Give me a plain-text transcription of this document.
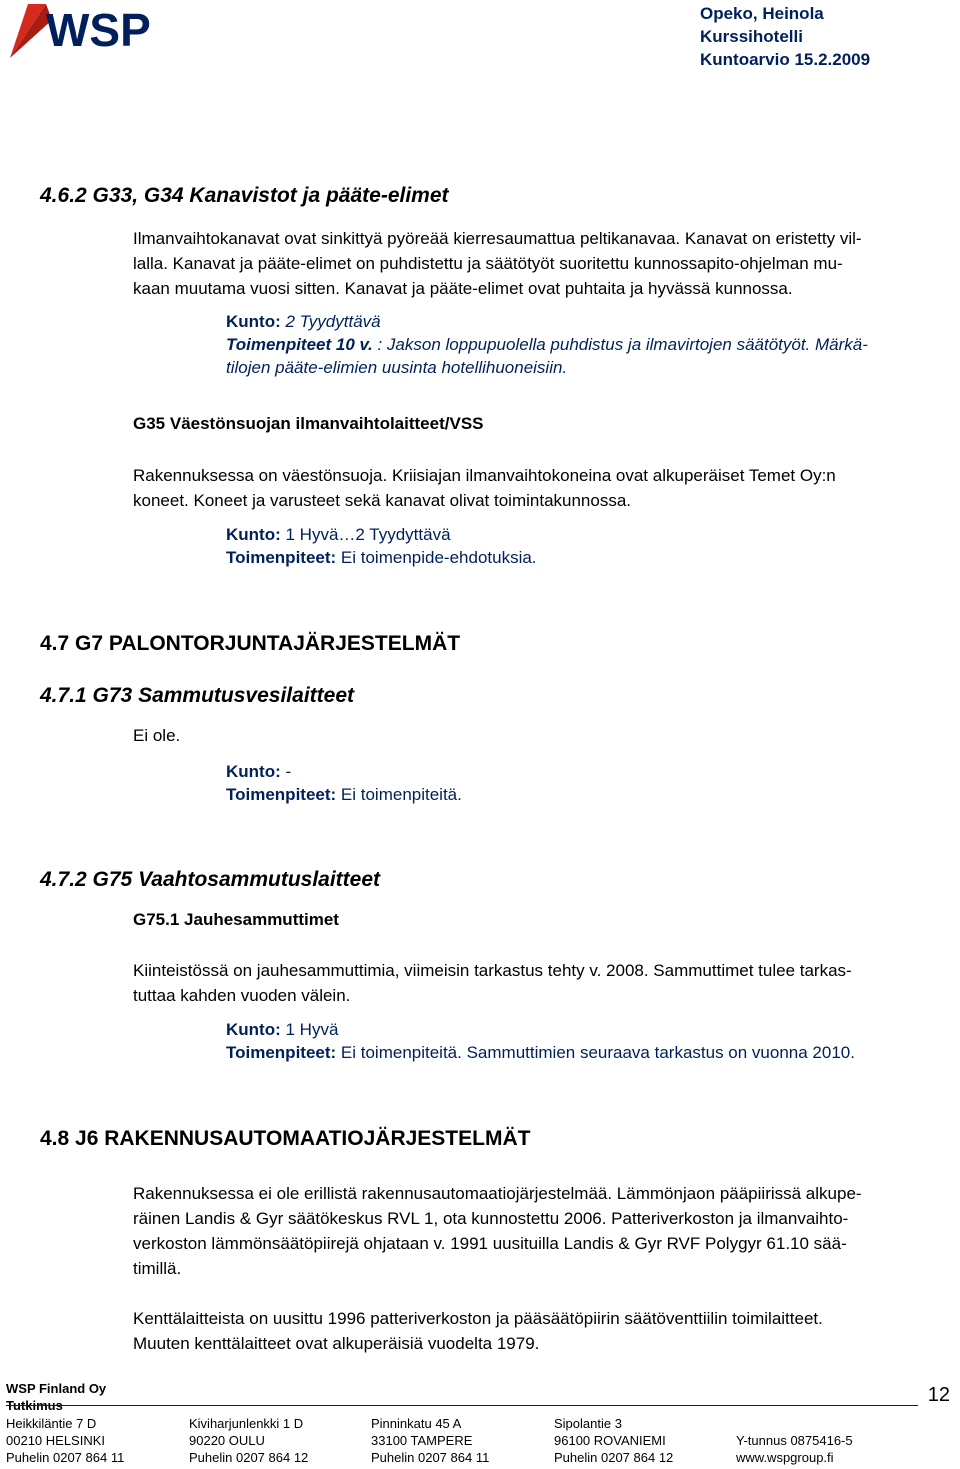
WSP	Opeko, Heinola
Kurssihotelli
Kuntoarvio 15.2.2009
4.6.2 G33, G34 Kanavistot ja pääte-elimet
Ilmanvaihtokanavat ovat sinkittyä pyöreää kierresaumattua peltikanavaa. Kanavat on eristetty vil-
lalla. Kanavat ja pääte-elimet on puhdistettu ja säätötyöt suoritettu kunnossapito-ohjelman mu-
kaan muutama vuosi sitten. Kanavat ja pääte-elimet ovat puhtaita ja hyvässä kunnossa.
Kunto: 2 Tyydyttävä
Toimenpiteet 10 v. : Jakson loppupuolella puhdistus ja ilmavirtojen säätötyöt. Märkä-
tilojen pääte-elimien uusinta hotellihuoneisiin.
G35 Väestönsuojan ilmanvaihtolaitteet/VSS
Rakennuksessa on väestönsuoja. Kriisiajan ilmanvaihtokoneina ovat alkuperäiset Temet Oy:n
koneet. Koneet ja varusteet sekä kanavat olivat toimintakunnossa.
Kunto: 1 Hyvä…2 Tyydyttävä
Toimenpiteet: Ei toimenpide-ehdotuksia.
4.7 G7 PALONTORJUNTAJÄRJESTELMÄT
4.7.1 G73 Sammutusvesilaitteet
Ei ole.
Kunto: -
Toimenpiteet: Ei toimenpiteitä.
4.7.2 G75 Vaahtosammutuslaitteet
G75.1 Jauhesammuttimet
Kiinteistössä on jauhesammuttimia, viimeisin tarkastus tehty v. 2008. Sammuttimet tulee tarkas-
tuttaa kahden vuoden välein.
Kunto: 1 Hyvä
Toimenpiteet: Ei toimenpiteitä. Sammuttimien seuraava tarkastus on vuonna 2010.
4.8 J6 RAKENNUSAUTOMAATIOJÄRJESTELMÄT
Rakennuksessa ei ole erillistä rakennusautomaatiojärjestelmää. Lämmönjaon pääpiirissä alkupe-
räinen Landis & Gyr säätökeskus RVL 1, ota kunnostettu 2006. Patteriverkoston ja ilmanvaihto-
verkoston lämmönsäätöpiirejä ohjataan v. 1991 uusituilla Landis & Gyr RVF Polygyr 61.10 sää-
timillä.
Kenttälaitteista on uusittu 1996 patteriverkoston ja pääsäätöpiirin säätöventtiilin toimilaitteet.
Muuten kenttälaitteet ovat alkuperäisiä vuodelta 1979.
WSP Finland Oy
Tutkimus	12
Heikkiläntie 7 D
00210 HELSINKI
Puhelin 0207 864 11
Kiviharjunlenkki 1 D
90220 OULU
Puhelin 0207 864 12
Pinninkatu 45 A
33100 TAMPERE
Puhelin 0207 864 11
Sipolantie 3
96100 ROVANIEMI
Puhelin 0207 864 12
Y-tunnus 0875416-5
www.wspgroup.fi
